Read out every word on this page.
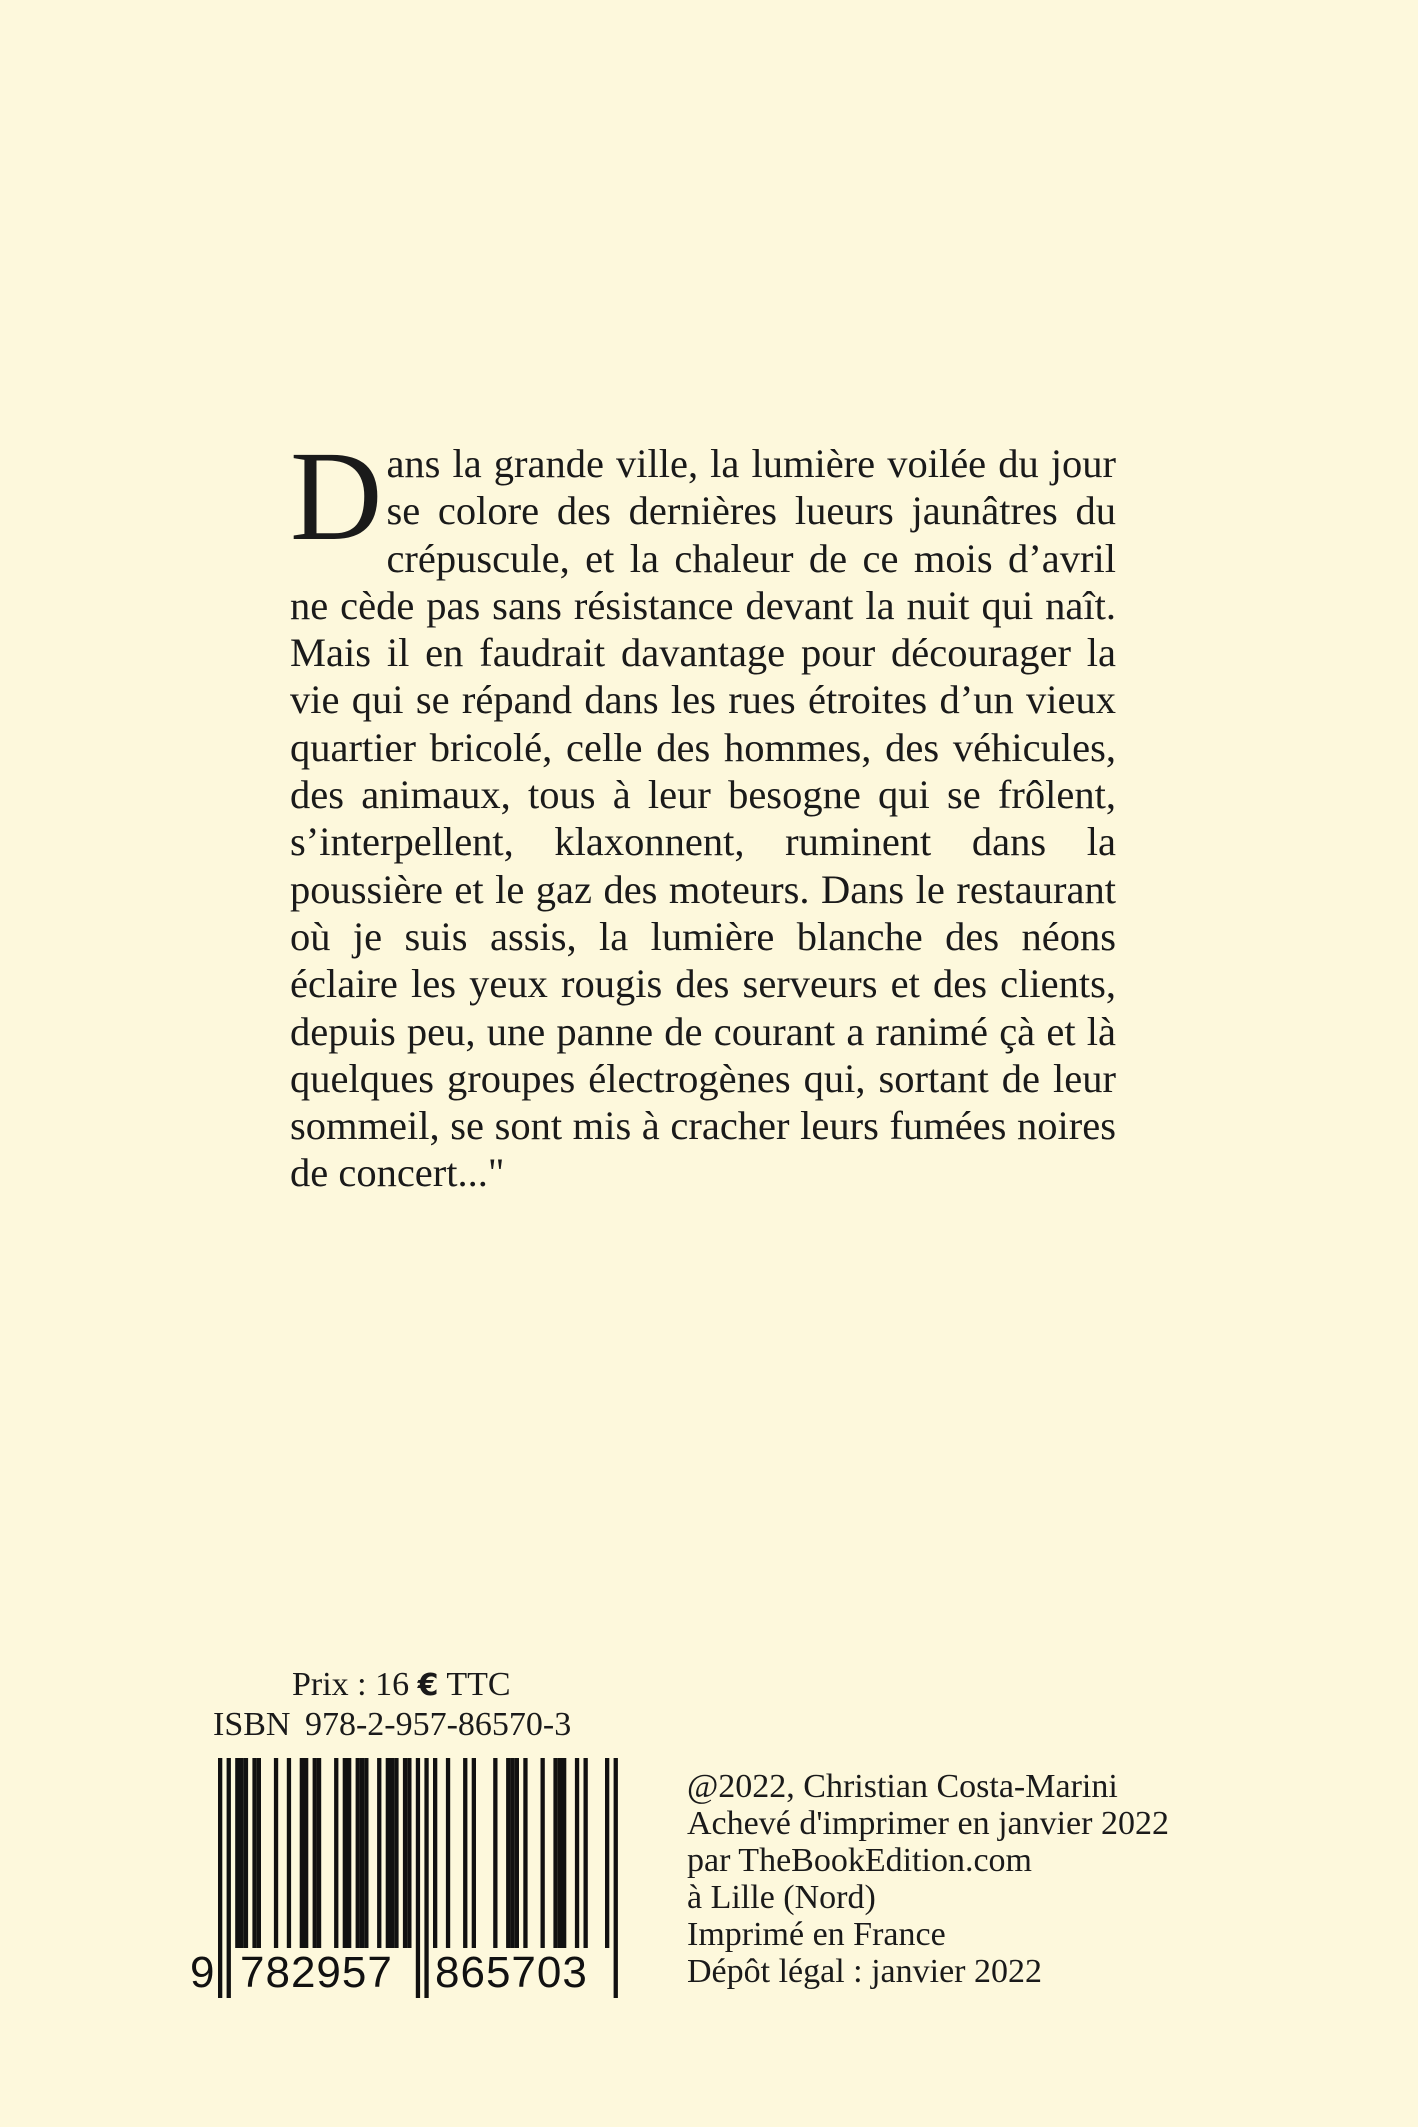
Dans la grande ville, la lumière voilée du jour se colore des dernières lueurs jaunâtres du crépuscule, et la chaleur de ce mois d’avril ne cède pas sans résistance devant la nuit qui naît. Mais il en faudrait davantage pour décourager la vie qui se répand dans les rues étroites d’un vieux quartier bricolé, celle des hommes, des véhicules, des animaux, tous à leur besogne qui se frôlent, s’interpellent, klaxonnent, ruminent dans la poussière et le gaz des moteurs. Dans le restaurant où je suis assis, la lumière blanche des néons éclaire les yeux rougis des serveurs et des clients, depuis peu, une panne de courant a ranimé çà et là quelques groupes électrogènes qui, sortant de leur sommeil, se sont mis à cracher leurs fumées noires de concert..."
Prix : 16 € TTC
ISBN 978-2-957-86570-3
9 782957 865703
@2022, Christian Costa-Marini
Achevé d'imprimer en janvier 2022
par TheBookEdition.com
à Lille (Nord)
Imprimé en France
Dépôt légal : janvier 2022
